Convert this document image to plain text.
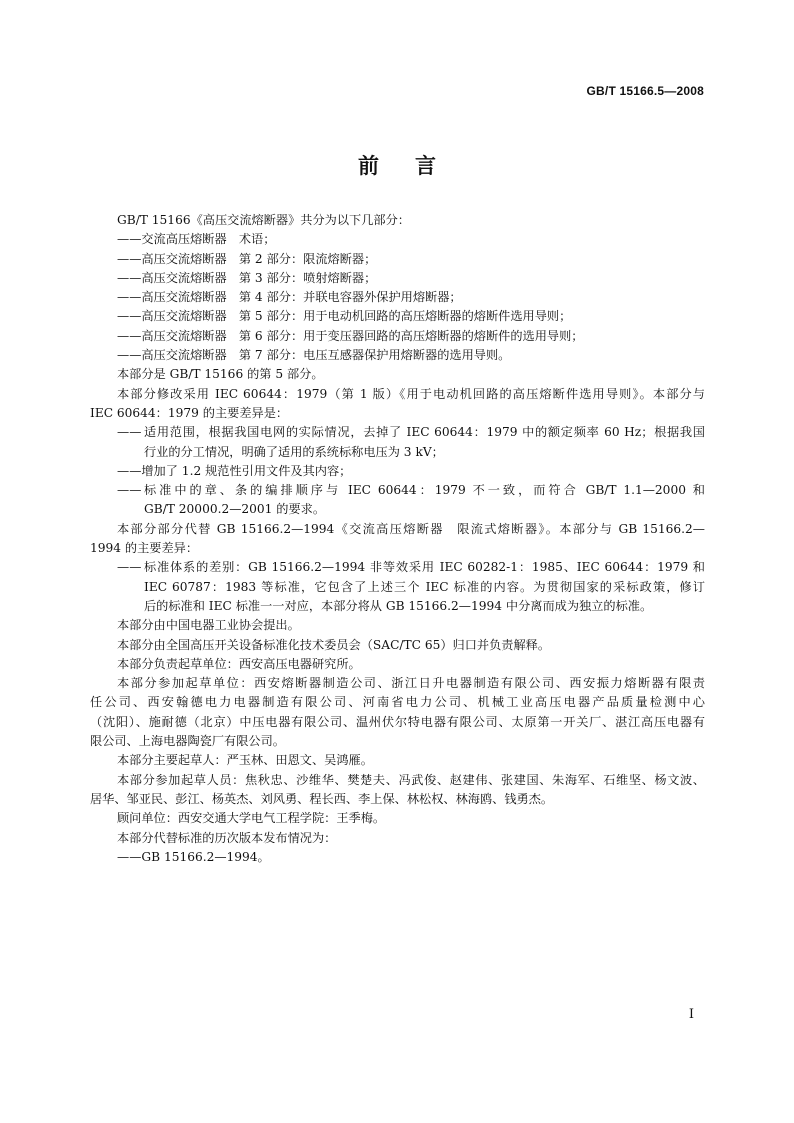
GB/T 15166.5—2008
前言

GB/T 15166《高压交流熔断器》共分为以下几部分：

——交流高压熔断器　术语；

——高压交流熔断器　第 2 部分：限流熔断器；

——高压交流熔断器　第 3 部分：喷射熔断器；

——高压交流熔断器　第 4 部分：并联电容器外保护用熔断器；

——高压交流熔断器　第 5 部分：用于电动机回路的高压熔断器的熔断件选用导则；

——高压交流熔断器　第 6 部分：用于变压器回路的高压熔断器的熔断件的选用导则；

——高压交流熔断器　第 7 部分：电压互感器保护用熔断器的选用导则。

本部分是 GB/T 15166 的第 5 部分。

本部分修改采用 IEC 60644：1979（第 1 版）《用于电动机回路的高压熔断件选用导则》。本部分与

IEC 60644：1979 的主要差异是：

—— 适用范围，根据我国电网的实际情况，去掉了 IEC 60644：1979 中的额定频率 60 Hz；根据我国

行业的分工情况，明确了适用的系统标称电压为 3 kV；

——增加了 1.2 规范性引用文件及其内容；

—— 标准中的章、条的编排顺序与 IEC 60644：1979 不一致，而符合 GB/T 1.1—2000 和

GB/T 20000.2—2001 的要求。

本部分部分代替 GB 15166.2—1994《交流高压熔断器　限流式熔断器》。本部分与 GB 15166.2—

1994 的主要差异：

—— 标准体系的差别：GB 15166.2—1994 非等效采用 IEC 60282-1：1985、IEC 60644：1979 和

IEC 60787：1983 等标准，它包含了上述三个 IEC 标准的内容。为贯彻国家的采标政策，修订

后的标准和 IEC 标准一一对应，本部分将从 GB 15166.2—1994 中分离而成为独立的标准。

本部分由中国电器工业协会提出。

本部分由全国高压开关设备标准化技术委员会（SAC/TC 65）归口并负责解释。

本部分负责起草单位：西安高压电器研究所。

本部分参加起草单位：西安熔断器制造公司、浙江日升电器制造有限公司、西安振力熔断器有限责

任公司、西安翰德电力电器制造有限公司、河南省电力公司、机械工业高压电器产品质量检测中心

（沈阳）、施耐德（北京）中压电器有限公司、温州伏尔特电器有限公司、太原第一开关厂、湛江高压电器有

限公司、上海电器陶瓷厂有限公司。

本部分主要起草人：严玉林、田恩文、吴鸿雁。

本部分参加起草人员：焦秋忠、沙维华、樊楚夫、冯武俊、赵建伟、张建国、朱海军、石维坚、杨文波、

居华、邹亚民、彭江、杨英杰、刘风勇、程长西、李上保、林松权、林海鸥、钱勇杰。

顾问单位：西安交通大学电气工程学院：王季梅。

本部分代替标准的历次版本发布情况为：

——GB 15166.2—1994。

I
